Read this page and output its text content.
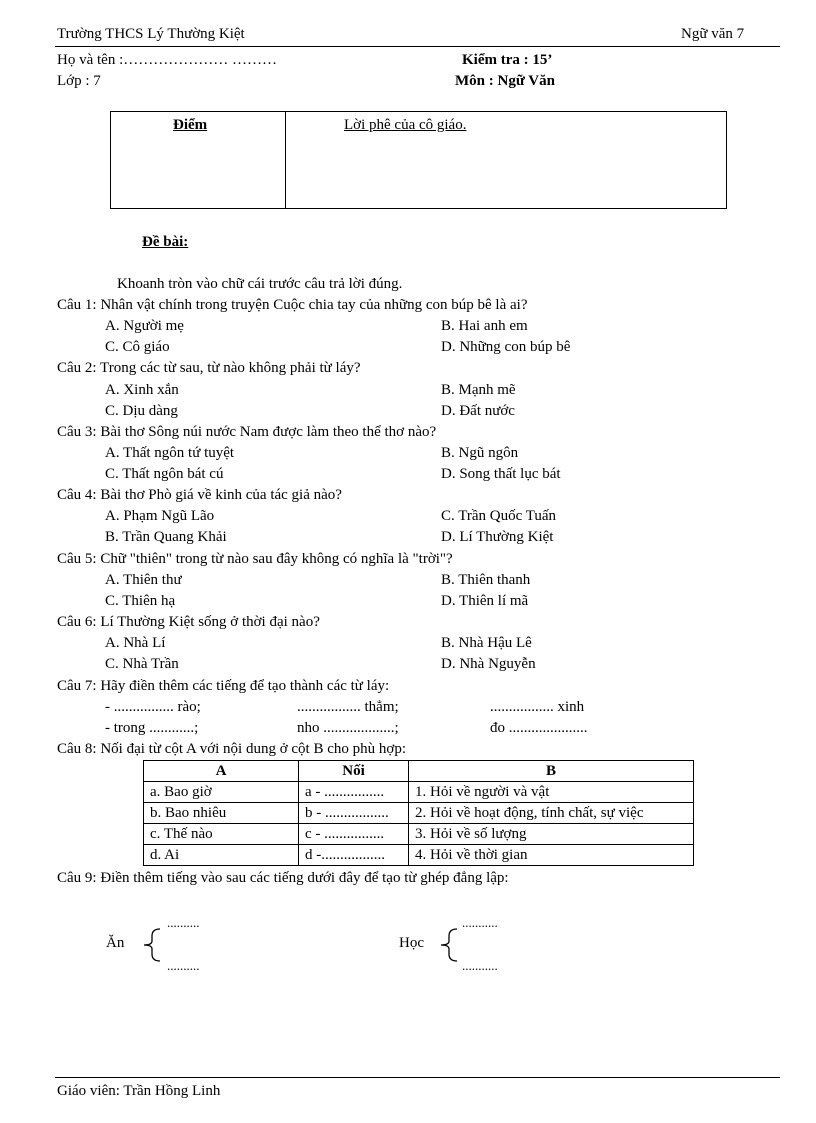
Trường THCS Lý Thường Kiệt	Ngữ văn 7
Họ và tên :………………… ………	Kiểm tra : 15’
Lớp : 7	Môn : Ngữ Văn
Điểm	Lời phê của cô giáo.
Đề bài:
Khoanh tròn vào chữ cái trước câu trả lời đúng.
Câu 1: Nhân vật chính trong truyện Cuộc chia tay của những con búp bê là ai?
A. Người mẹ	B. Hai anh em
C. Cô giáo	D. Những con búp bê
Câu 2: Trong các từ sau, từ nào không phải từ láy?
A. Xinh xắn	B. Mạnh mẽ
C. Dịu dàng	D. Đất nước
Câu 3: Bài thơ Sông núi nước Nam được làm theo thể thơ nào?
A. Thất ngôn tứ tuyệt	B. Ngũ ngôn
C. Thất ngôn bát cú	D. Song thất lục bát
Câu 4: Bài thơ Phò giá về kinh của tác giả nào?
A. Phạm Ngũ Lão	C. Trần Quốc Tuấn
B. Trần Quang Khải	D. Lí Thường Kiệt
Câu 5: Chữ "thiên" trong từ nào sau đây không có nghĩa là "trời"?
A. Thiên thư	B. Thiên thanh
C. Thiên hạ	D. Thiên lí mã
Câu 6: Lí Thường Kiệt sống ở thời đại nào?
A. Nhà Lí	B. Nhà Hậu Lê
C. Nhà Trần	D. Nhà Nguyễn
Câu 7: Hãy điền thêm các tiếng để tạo thành các từ láy:
- ................ rào;	................. thẳm;	................. xinh
- trong ............;	nho ...................;	đo .....................
Câu 8: Nối đại từ cột A với nội dung ở cột B cho phù hợp:
A	Nối	B
a. Bao giờ	a - ................	1. Hỏi về người và vật
b. Bao nhiêu	b - .................	2. Hỏi về hoạt động, tính chất, sự việc
c. Thế nào	c - ................	3. Hỏi về số lượng
d. Ai	d -.................	4. Hỏi về thời gian
Câu 9: Điền thêm tiếng vào sau các tiếng dưới đây để tạo từ ghép đẳng lập:
..........
Ăn
..........
...........
Học
...........
Giáo viên: Trần Hồng Linh
